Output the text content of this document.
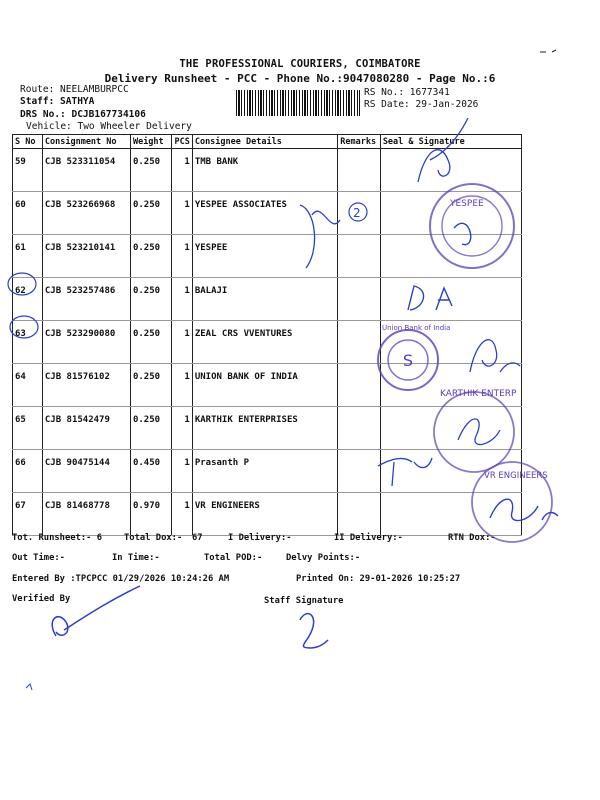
THE PROFESSIONAL COURIERS, COIMBATORE
Delivery Runsheet - PCC - Phone No.:9047080280 - Page No.:6
Route: NEELAMBURPCC
Staff: SATHYA
DRS No.: DCJB167734106
Vehicle: Two Wheeler Delivery
RS No.: 1677341
RS Date: 29-Jan-2026
S No	Consignment No	Weight	PCS	Consignee Details	Remarks	Seal & Signature
59	CJB 523311054	0.250	1	TMB BANK		
60	CJB 523266968	0.250	1	YESPEE ASSOCIATES		
61	CJB 523210141	0.250	1	YESPEE		
62	CJB 523257486	0.250	1	BALAJI		
63	CJB 523290080	0.250	1	ZEAL CRS VVENTURES		
64	CJB 81576102	0.250	1	UNION BANK OF INDIA		
65	CJB 81542479	0.250	1	KARTHIK ENTERPRISES		
66	CJB 90475144	0.450	1	Prasanth P		
67	CJB 81468778	0.970	1	VR ENGINEERS		
Tot. Runsheet:- 6 Total Dox:- 67	I Delivery:-	II Delivery:-	RTN Dox:-
Out Time:-	In Time:-	Total POD:-	Delvy Points:-
Entered By :TPCPCC 01/29/2026 10:24:26 AM	Printed On: 29-01-2026 10:25:27
Verified By	Staff Signature
2
YESPEE
S
Union Bank of India
KARTHIK ENTERP
VR ENGINEERS
